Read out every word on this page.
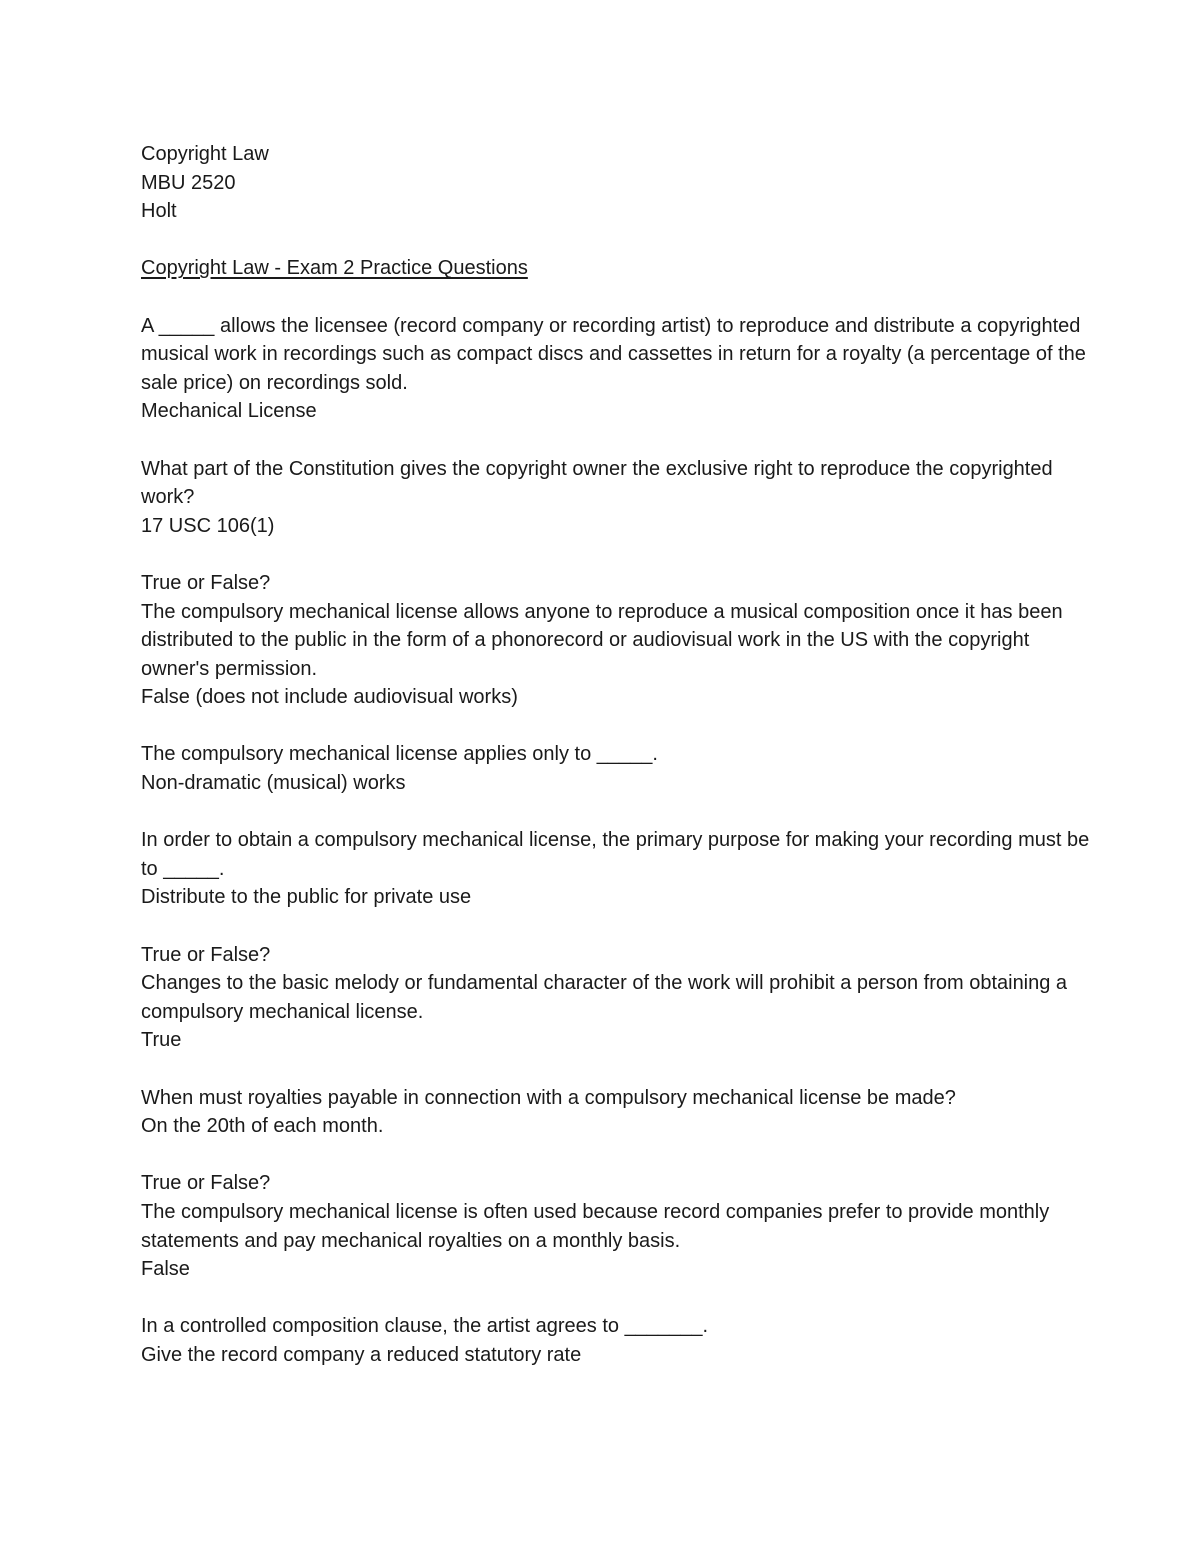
Copyright Law
MBU 2520
Holt
Copyright Law - Exam 2 Practice Questions
A _____ allows the licensee (record company or recording artist) to reproduce and distribute a copyrighted musical work in recordings such as compact discs and cassettes in return for a royalty (a percentage of the sale price) on recordings sold.
Mechanical License
What part of the Constitution gives the copyright owner the exclusive right to reproduce the copyrighted work?
17 USC 106(1)
True or False?
The compulsory mechanical license allows anyone to reproduce a musical composition once it has been distributed to the public in the form of a phonorecord or audiovisual work in the US with the copyright owner's permission.
False (does not include audiovisual works)
The compulsory mechanical license applies only to _____.
Non-dramatic (musical) works
In order to obtain a compulsory mechanical license, the primary purpose for making your recording must be to _____.
Distribute to the public for private use
True or False?
Changes to the basic melody or fundamental character of the work will prohibit a person from obtaining a compulsory mechanical license.
True
When must royalties payable in connection with a compulsory mechanical license be made?
On the 20th of each month.
True or False?
The compulsory mechanical license is often used because record companies prefer to provide monthly statements and pay mechanical royalties on a monthly basis.
False
In a controlled composition clause, the artist agrees to _______.
Give the record company a reduced statutory rate
